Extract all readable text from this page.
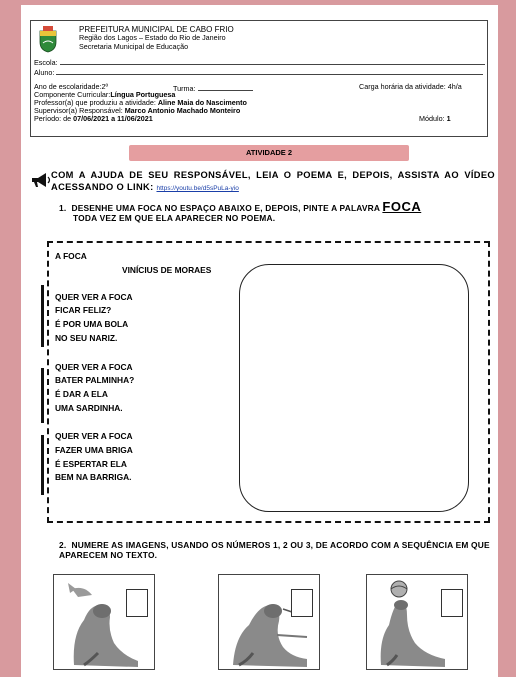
PREFEITURA MUNICIPAL DE CABO FRIO
Região dos Lagos – Estado do Rio de Janeiro
Secretaria Municipal de Educação
Escola:
Aluno:
Ano de escolaridade:2º	Turma:	Carga horária da atividade: 4h/a
Componente Curricular:Língua Portuguesa
Professor(a) que produziu a atividade: Aline Maia do Nascimento
Supervisor(a) Responsável: Marco Antonio Machado Monteiro
Período: de 07/06/2021 a 11/06/2021	Módulo: 1
ATIVIDADE 2
COM A AJUDA DE SEU RESPONSÁVEL, LEIA O POEMA E, DEPOIS, ASSISTA AO VÍDEO ACESSANDO O LINK: https://youtu.be/d5sPuLa-yio
1. DESENHE UMA FOCA NO ESPAÇO ABAIXO E, DEPOIS, PINTE A PALAVRA FOCA
TODA VEZ EM QUE ELA APARECER NO POEMA.
A FOCA
VINÍCIUS DE MORAES
QUER VER A FOCA
FICAR FELIZ?
É POR UMA BOLA
NO SEU NARIZ.
QUER VER A FOCA
BATER PALMINHA?
É DAR A ELA
UMA SARDINHA.
QUER VER A FOCA
FAZER UMA BRIGA
É ESPERTAR ELA
BEM NA BARRIGA.
2. NUMERE AS IMAGENS, USANDO OS NÚMEROS 1, 2 OU 3, DE ACORDO COM A SEQUÊNCIA EM QUE APARECEM NO TEXTO.
